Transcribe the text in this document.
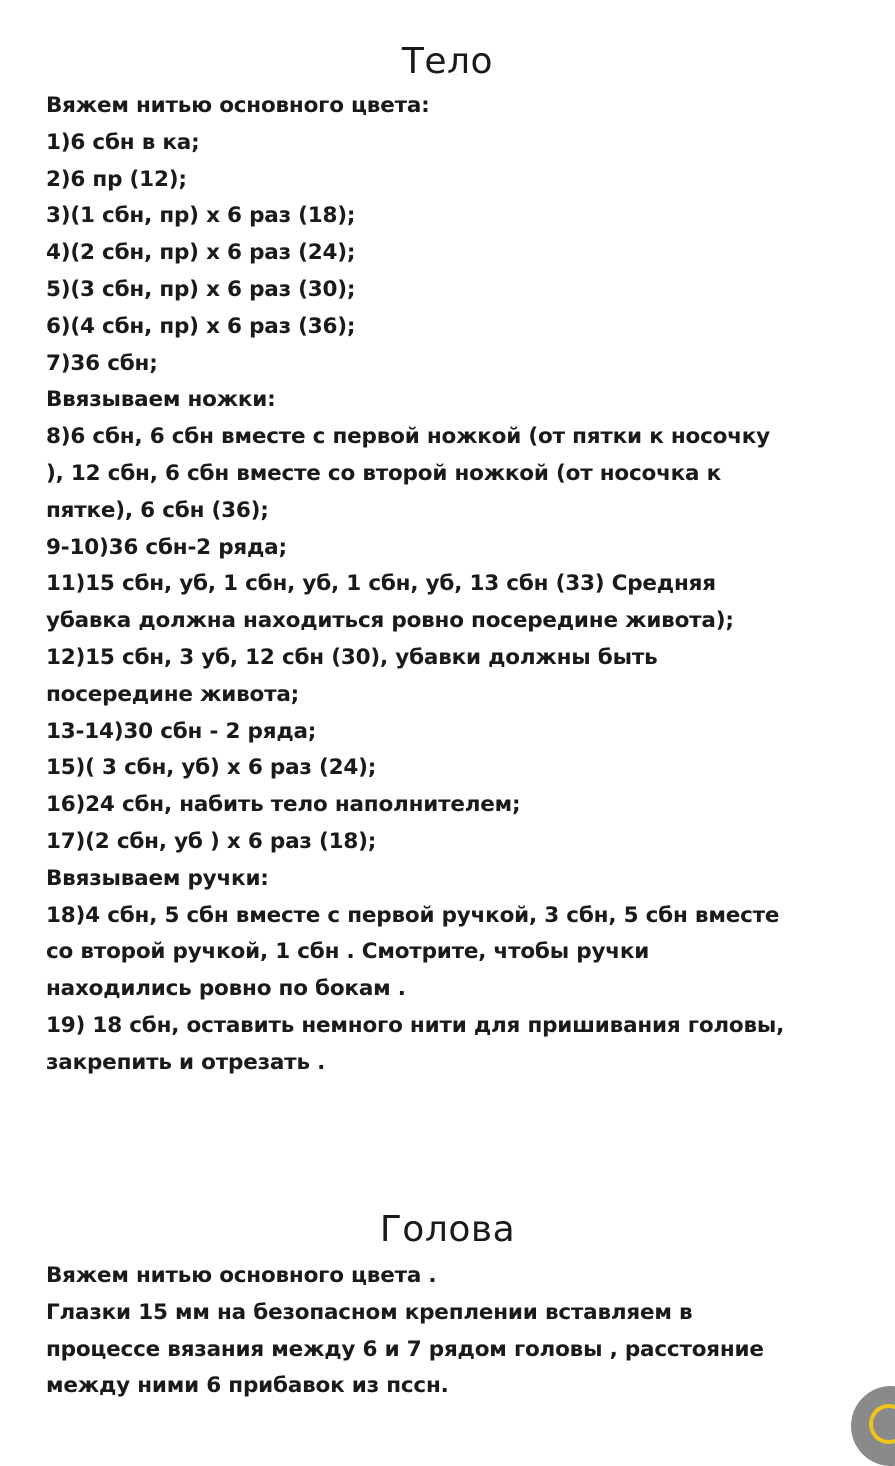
Тело
Вяжем нитью основного цвета:
1)6 сбн в ка;
2)6 пр (12);
3)(1 сбн, пр) х 6 раз (18);
4)(2 сбн, пр) х 6 раз (24);
5)(3 сбн, пр) х 6 раз (30);
6)(4 сбн, пр) х 6 раз (36);
7)36 сбн;
Ввязываем ножки:
8)6 сбн, 6 сбн вместе с первой ножкой (от пятки к носочку
), 12 сбн, 6 сбн вместе со второй ножкой (от носочка к
пятке), 6 сбн (36);
9-10)36 сбн-2 ряда;
11)15 сбн, уб, 1 сбн, уб, 1 сбн, уб, 13 сбн (33) Средняя
убавка должна находиться ровно посередине живота);
12)15 сбн, 3 уб, 12 сбн (30), убавки должны быть
посередине живота;
13-14)30 сбн - 2 ряда;
15)( 3 сбн, уб) х 6 раз (24);
16)24 сбн, набить тело наполнителем;
17)(2 сбн, уб ) х 6 раз (18);
Ввязываем ручки:
18)4 сбн, 5 сбн вместе с первой ручкой, 3 сбн, 5 сбн вместе
со второй ручкой, 1 сбн . Смотрите, чтобы ручки
находились ровно по бокам .
19) 18 сбн, оставить немного нити для пришивания головы,
закрепить и отрезать .
Голова
Вяжем нитью основного цвета .
Глазки 15 мм на безопасном креплении вставляем в
процессе вязания между 6 и 7 рядом головы , расстояние
между ними 6 прибавок из пссн.
